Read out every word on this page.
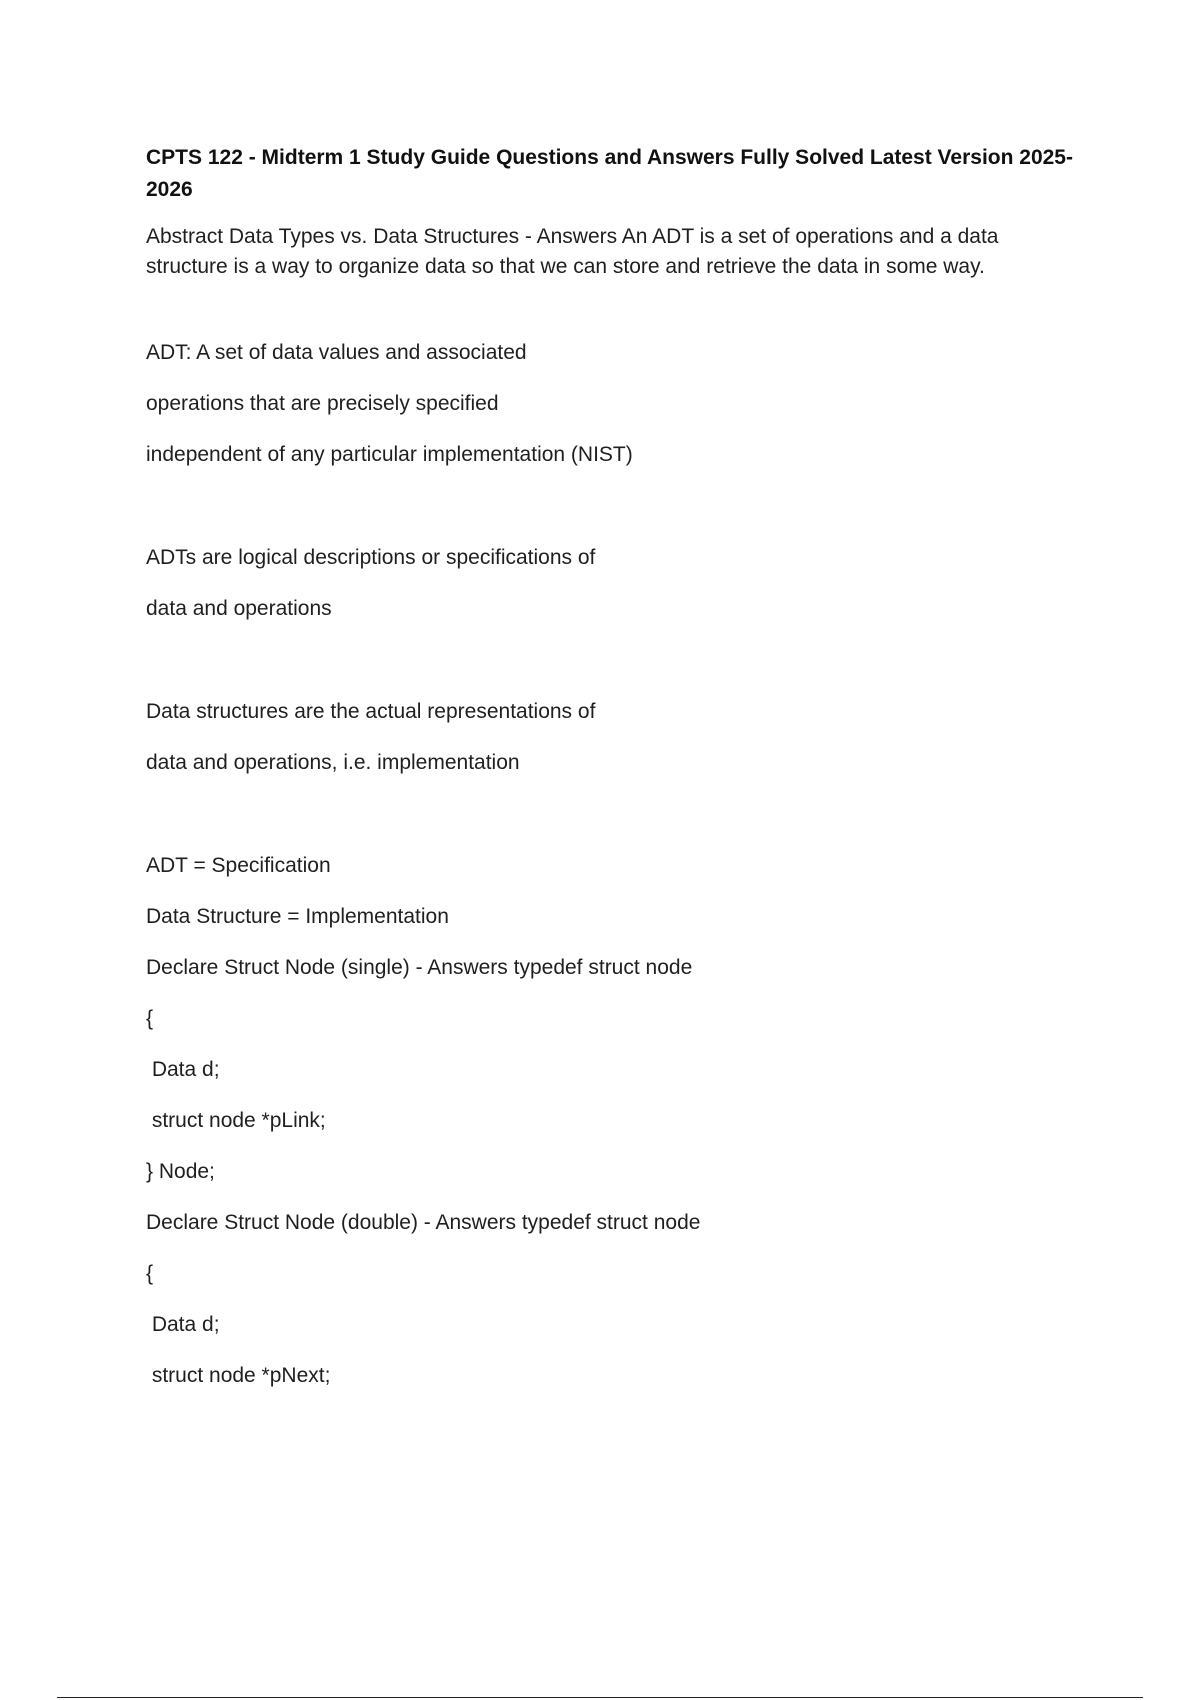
CPTS 122 - Midterm 1 Study Guide Questions and Answers Fully Solved Latest Version 2025-2026

Abstract Data Types vs. Data Structures - Answers An ADT is a set of operations and a data structure is a way to organize data so that we can store and retrieve the data in some way.

ADT: A set of data values and associated

operations that are precisely specified

independent of any particular implementation (NIST)

ADTs are logical descriptions or specifications of

data and operations

Data structures are the actual representations of

data and operations, i.e. implementation

ADT = Specification

Data Structure = Implementation

Declare Struct Node (single) - Answers typedef struct node

{

Data d;

struct node *pLink;

} Node;

Declare Struct Node (double) - Answers typedef struct node

{

Data d;

struct node *pNext;
